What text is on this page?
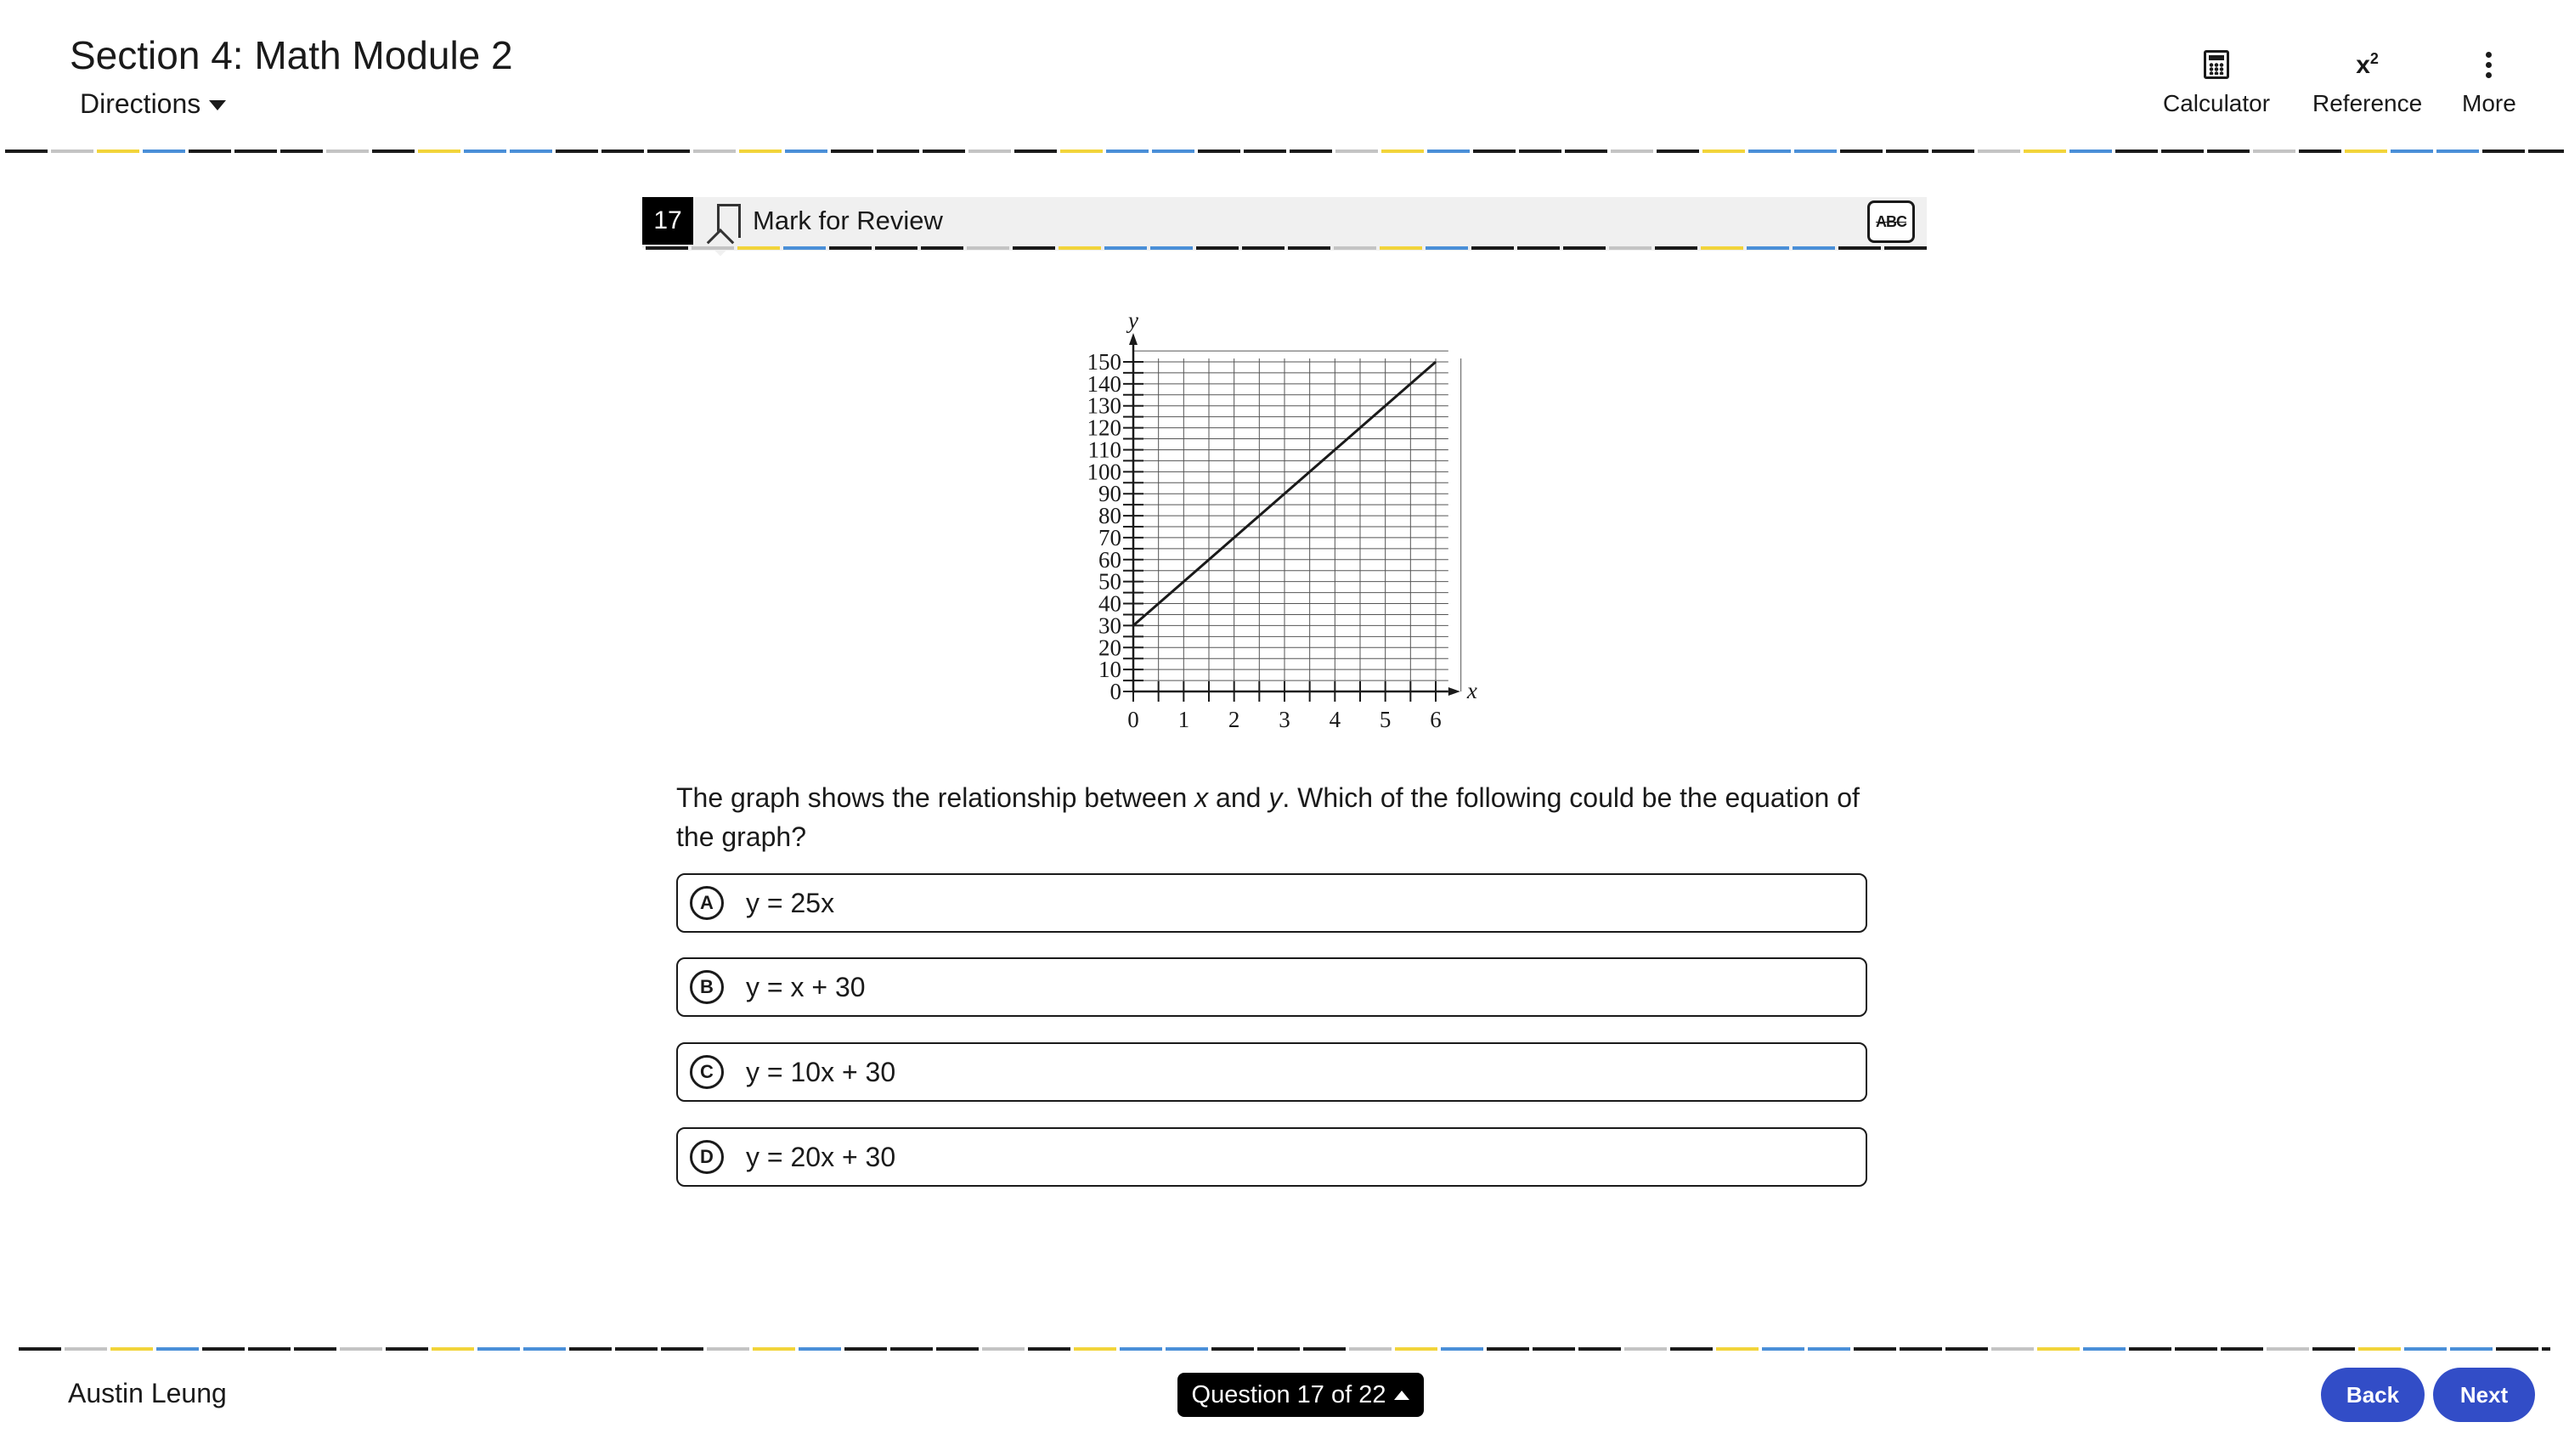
Section 4: Math Module 2
Directions	Calculator
$x^2$
Reference More
17	Mark for Review	ABC
0 1 2 3 4 5 6
0
10
20
30
40
50
60
70
80
90
100
110
120
130
140
150
x
y
The graph shows the relationship between x and y. Which of the following could be the equation of the graph?
A	y = 25x
B	y = x + 30
C	y = 10x + 30
D	y = 20x + 30
Austin Leung	Question 17 of 22	Back	Next
